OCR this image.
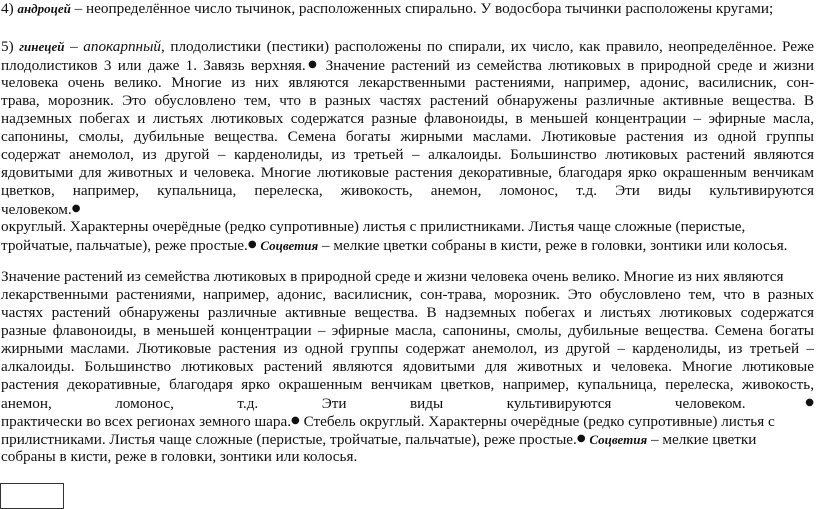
4) андроцей – неопределённое число тычинок, расположенных спирально. У водосбора тычинки расположены кругами;
5) гинецей – апокарпный, плодолистики (пестики) расположены по спирали, их число, как правило, неопределённое. Реже
плодолистиков 3 или даже 1. Завязь верхняя.● Значение растений из семейства лютиковых в природной среде и жизни
человека очень велико. Многие из них являются лекарственными растениями, например, адонис, василисник, сон-
трава, морозник. Это обусловлено тем, что в разных частях растений обнаружены различные активные вещества. В
надземных побегах и листьях лютиковых содержатся разные флавоноиды, в меньшей концентрации – эфирные масла,
сапонины, смолы, дубильные вещества. Семена богаты жирными маслами. Лютиковые растения из одной группы
содержат анемолол, из другой – карденолиды, из третьей – алкалоиды. Большинство лютиковых растений являются
ядовитыми для животных и человека. Многие лютиковые растения декоративные, благодаря ярко окрашенным венчикам
цветков, например, купальница, перелеска, живокость, анемон, ломонос, т.д. Эти виды культивируются
человеком.●
округлый. Характерны очерёдные (редко супротивные) листья с прилистниками. Листья чаще сложные (перистые,
тройчатые, пальчатые), реже простые.● Соцветия – мелкие цветки собраны в кисти, реже в головки, зонтики или колосья.
Значение растений из семейства лютиковых в природной среде и жизни человека очень велико. Многие из них являются
лекарственными растениями, например, адонис, василисник, сон-трава, морозник. Это обусловлено тем, что в разных
частях растений обнаружены различные активные вещества. В надземных побегах и листьях лютиковых содержатся
разные флавоноиды, в меньшей концентрации – эфирные масла, сапонины, смолы, дубильные вещества. Семена богаты
жирными маслами. Лютиковые растения из одной группы содержат анемолол, из другой – карденолиды, из третьей –
алкалоиды. Большинство лютиковых растений являются ядовитыми для животных и человека. Многие лютиковые
растения декоративные, благодаря ярко окрашенным венчикам цветков, например, купальница, перелеска, живокость,
анемон, ломонос, т.д. Эти виды культивируются человеком.●
практически во всех регионах земного шара.● Стебель округлый. Характерны очерёдные (редко супротивные) листья с
прилистниками. Листья чаще сложные (перистые, тройчатые, пальчатые), реже простые.● Соцветия – мелкие цветки
собраны в кисти, реже в головки, зонтики или колосья.
